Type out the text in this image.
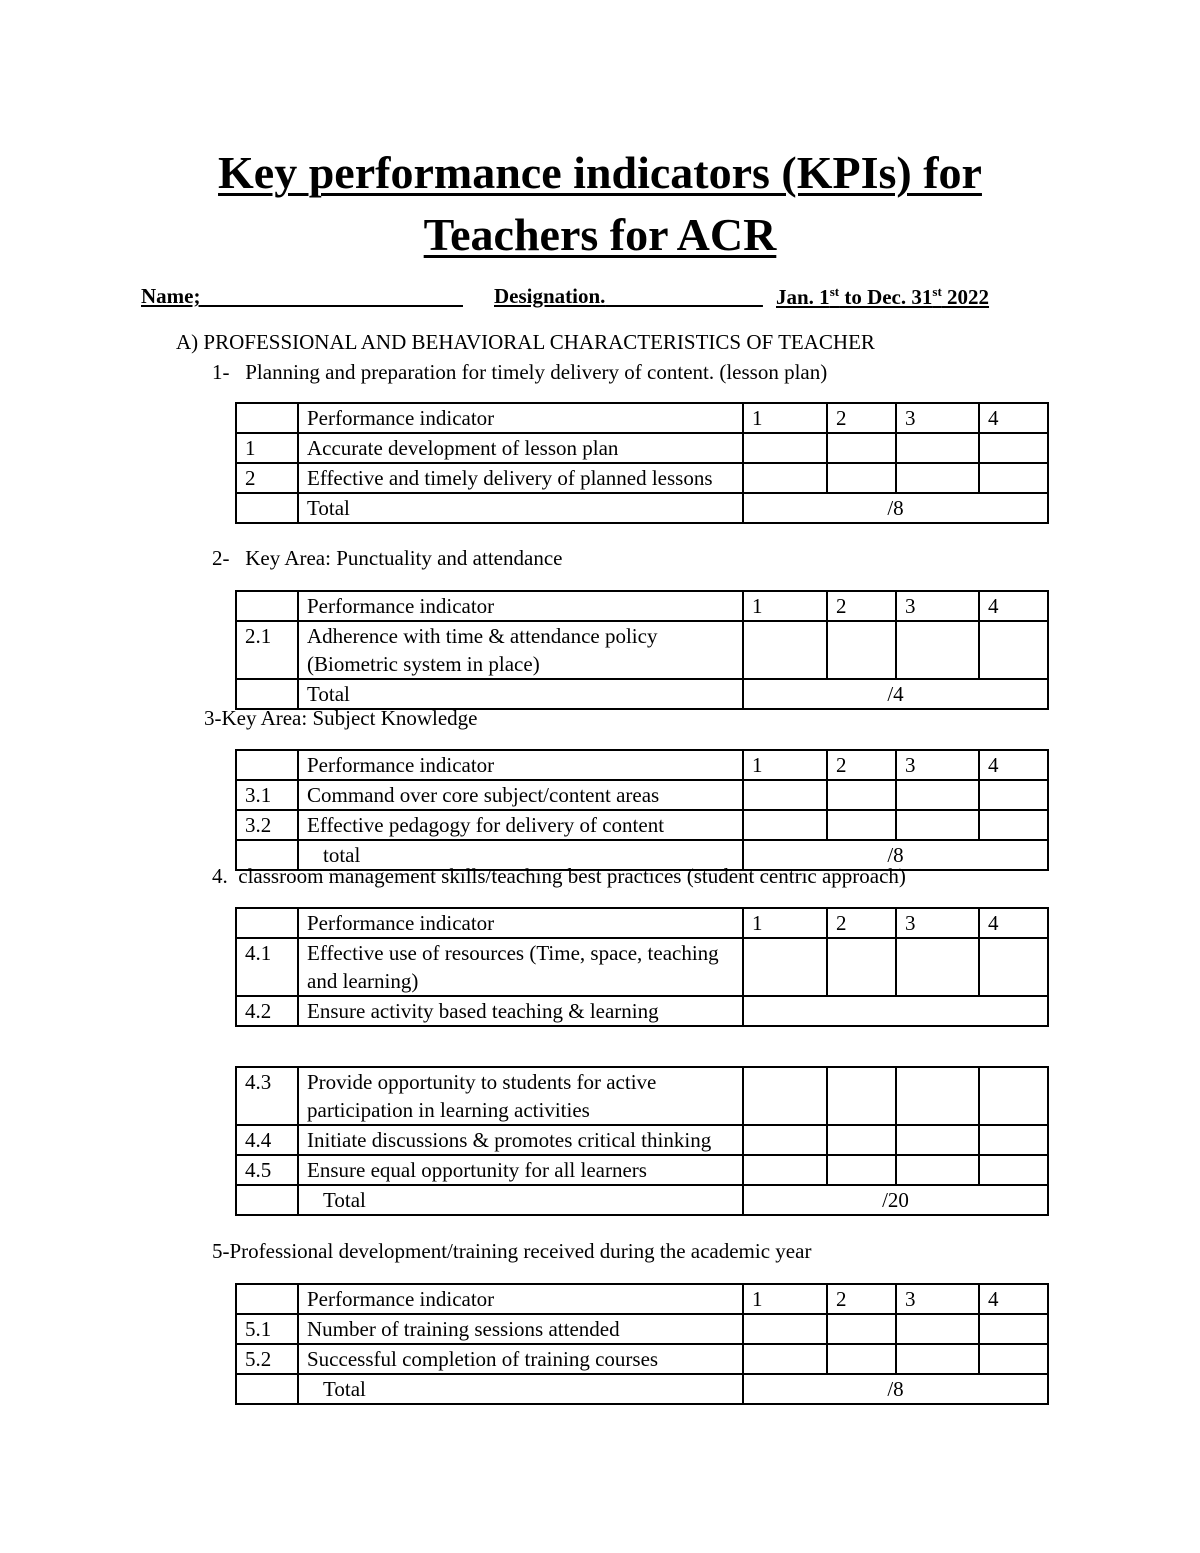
Key performance indicators (KPIs) for
Teachers for ACR
Name;	Designation.	Jan. 1st to Dec. 31st 2022
A) PROFESSIONAL AND BEHAVIORAL CHARACTERISTICS OF TEACHER
1-   Planning and preparation for timely delivery of content. (lesson plan)
	Performance indicator	1	2	3	4
1	Accurate development of lesson plan				
2	Effective and timely delivery of planned lessons				
	Total	/8			
2-   Key Area: Punctuality and attendance
	Performance indicator	1	2	3	4
2.1	Adherence with time & attendance policy (Biometric system in place)				
	Total	/4			
3-Key Area: Subject Knowledge
	Performance indicator	1	2	3	4
3.1	Command over core subject/content areas				
3.2	Effective pedagogy for delivery of content				
	total	/8			
4.  classroom management skills/teaching best practices (student centric approach)
	Performance indicator	1	2	3	4
4.1	Effective use of resources (Time, space, teaching and learning)				
4.2	Ensure activity based teaching & learning				
4.3	Provide opportunity to students for active participation in learning activities				
4.4	Initiate discussions & promotes critical thinking				
4.5	Ensure equal opportunity for all learners				
	Total	/20			
5-Professional development/training received during the academic year
	Performance indicator	1	2	3	4
5.1	Number of training sessions attended				
5.2	Successful completion of training courses				
	Total	/8			
